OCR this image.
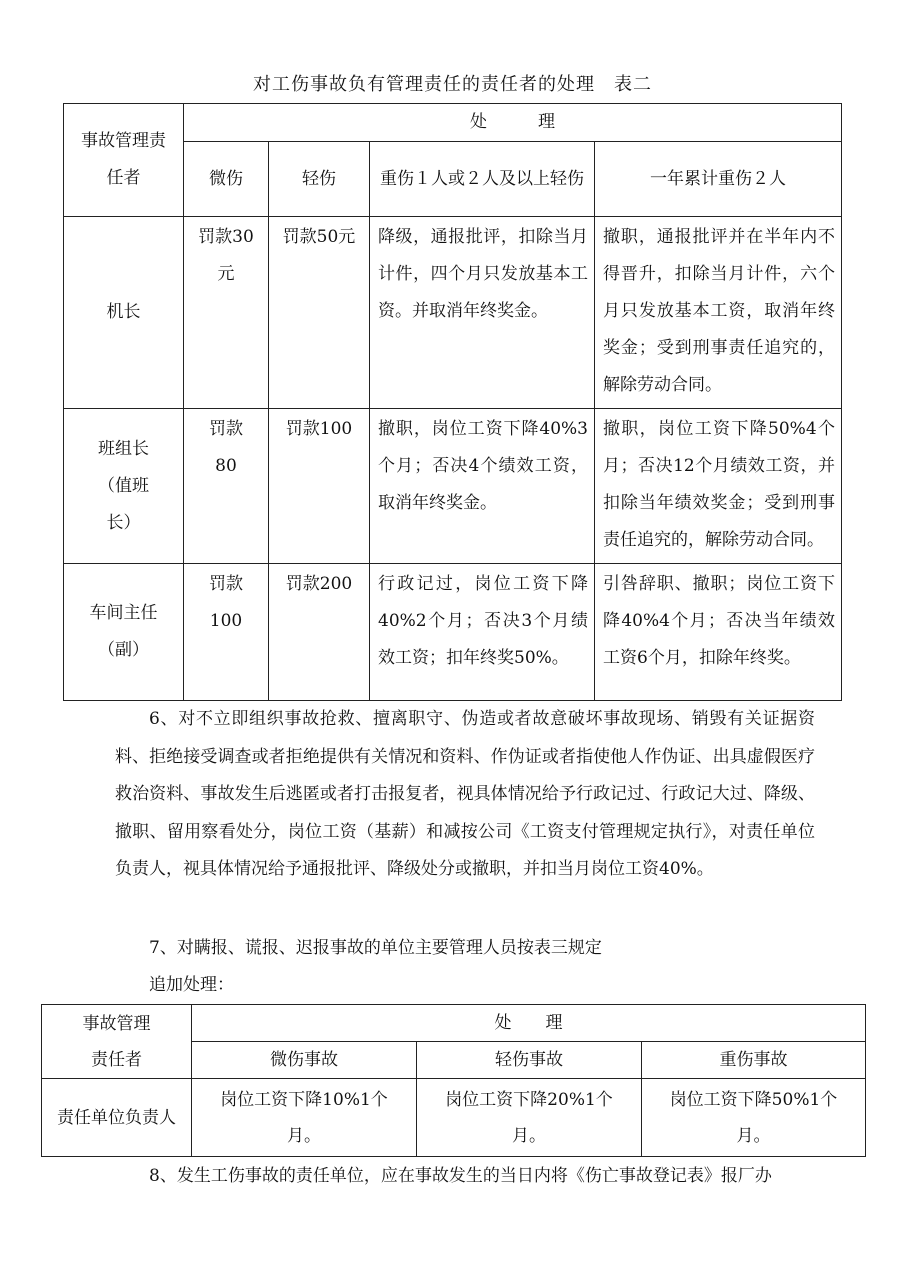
对工伤事故负有管理责任的责任者的处理　表二
事故管理责任者	处　　　理			
	微伤	轻伤	重伤１人或２人及以上轻伤	一年累计重伤２人
机长	罚款30元	罚款50元	降级，通报批评，扣除当月计件，四个月只发放基本工资。并取消年终奖金。	撤职，通报批评并在半年内不得晋升，扣除当月计件，六个月只发放基本工资，取消年终奖金；受到刑事责任追究的，解除劳动合同。

班组长（值班长）	罚款80	罚款100	撤职，岗位工资下降40%3个月；否决4个绩效工资，取消年终奖金。	撤职，岗位工资下降50%4个月；否决12个月绩效工资，并扣除当年绩效奖金；受到刑事责任追究的，解除劳动合同。

车间主任（副）	罚款100	罚款200	行政记过，岗位工资下降40%2个月；否决3个月绩效工资；扣年终奖50%。	引咎辞职、撤职；岗位工资下降40%4个月；否决当年绩效工资6个月，扣除年终奖。
6、对不立即组织事故抢救、擅离职守、伪造或者故意破坏事故现场、销毁有关证据资料、拒绝接受调查或者拒绝提供有关情况和资料、作伪证或者指使他人作伪证、出具虚假医疗救治资料、事故发生后逃匿或者打击报复者，视具体情况给予行政记过、行政记大过、降级、撤职、留用察看处分，岗位工资（基薪）和减按公司《工资支付管理规定执行》，对责任单位负责人，视具体情况给予通报批评、降级处分或撤职，并扣当月岗位工资40%。
7、对瞒报、谎报、迟报事故的单位主要管理人员按表三规定
追加处理：
事故管理责任者	处　　理		
	微伤事故	轻伤事故	重伤事故
责任单位负责人	岗位工资下降10%1个月。	岗位工资下降20%1个月。	岗位工资下降50%1个月。
8、发生工伤事故的责任单位，应在事故发生的当日内将《伤亡事故登记表》报厂办
